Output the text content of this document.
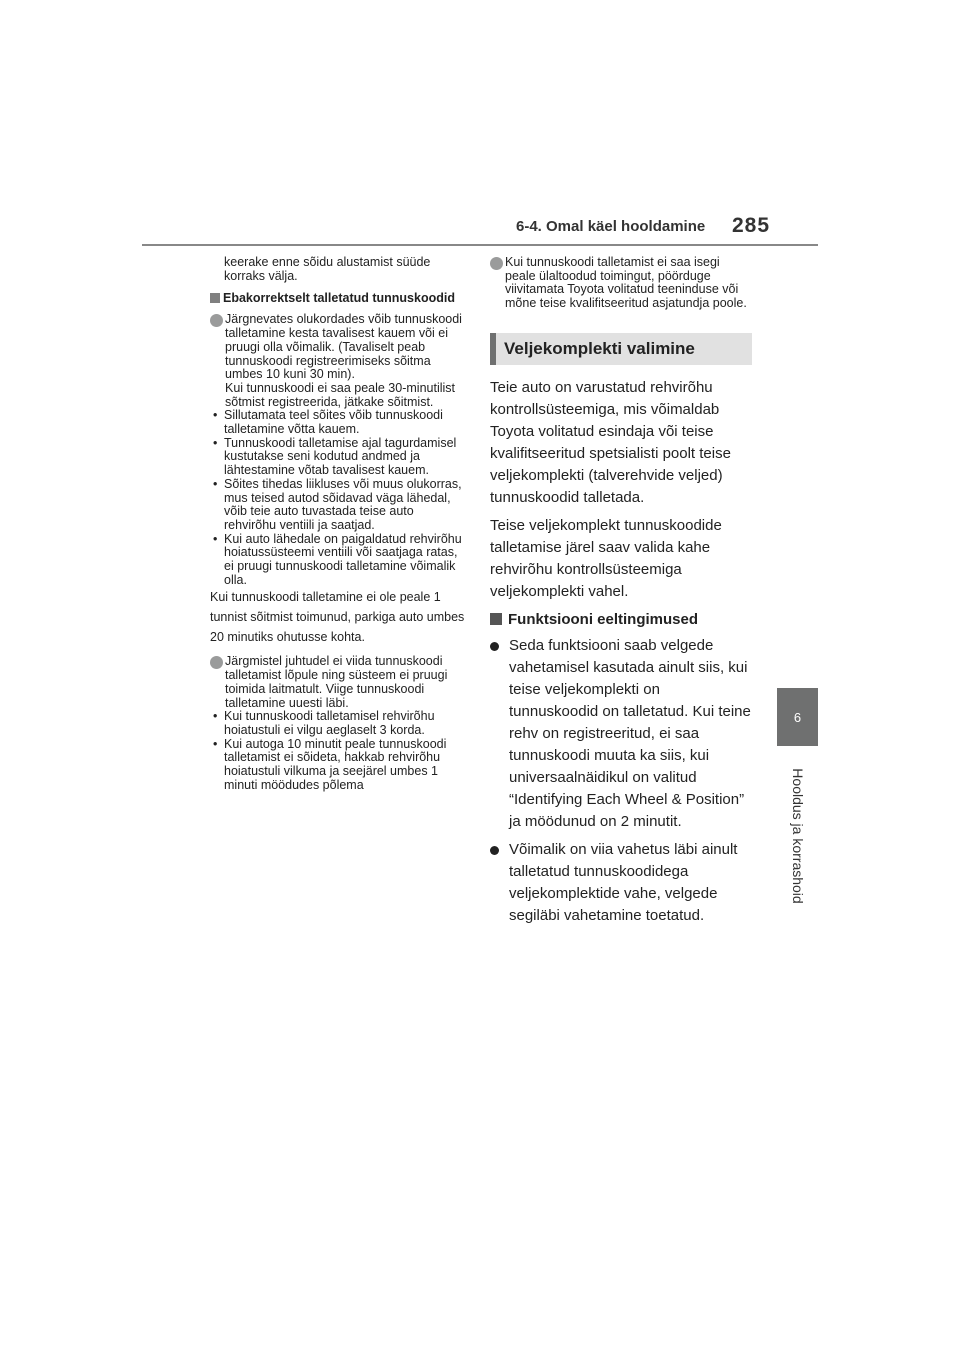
6-4. Omal käel hooldamine 285
6
Hooldus ja korrashoid
keerake enne sõidu alustamist süüde korraks välja.
Ebakorrektselt talletatud tunnuskoodid
Järgnevates olukordades võib tunnuskoodi talletamine kesta tavalisest kauem või ei pruugi olla võimalik. (Tavaliselt peab tunnuskoodi registreerimiseks sõitma umbes 10 kuni 30 min).
Kui tunnuskoodi ei saa peale 30-minutilist sõtmist registreerida, jätkake sõitmist.
• Sillutamata teel sõites võib tunnuskoodi talletamine võtta kauem.
• Tunnuskoodi talletamise ajal tagurdamisel kustutakse seni kodutud andmed ja lähtestamine võtab tavalisest kauem.
• Sõites tihedas liikluses või muus olukorras, mus teised autod sõidavad väga lähedal, võib teie auto tuvastada teise auto rehvirõhu ventiili ja saatjad.
• Kui auto lähedale on paigaldatud rehvirõhu hoiatussüsteemi ventiili või saatjaga ratas, ei pruugi tunnuskoodi talletamine võimalik olla.
Kui tunnuskoodi talletamine ei ole peale 1 tunnist sõitmist toimunud, parkiga auto umbes 20 minutiks ohutusse kohta.
Järgmistel juhtudel ei viida tunnuskoodi talletamist lõpule ning süsteem ei pruugi toimida laitmatult. Viige tunnuskoodi talletamine uuesti läbi.
• Kui tunnuskoodi talletamisel rehvirõhu hoiatustuli ei vilgu aeglaselt 3 korda.
• Kui autoga 10 minutit peale tunnuskoodi talletamist ei sõideta, hakkab rehvirõhu hoiatustuli vilkuma ja seejärel umbes 1 minuti möödudes põlema
Kui tunnuskoodi talletamist ei saa isegi peale ülaltoodud toimingut, pöörduge viivitamata Toyota volitatud teeninduse või mõne teise kvalifitseeritud asjatundja poole.
Veljekomplekti valimine
Teie auto on varustatud rehvirõhu kontrollsüsteemiga, mis võimaldab Toyota volitatud esindaja või teise kvalifitseeritud spetsialisti poolt teise veljekomplekti (talverehvide veljed) tunnuskoodid talletada.
Teise veljekomplekt tunnuskoodide talletamise järel saav valida kahe rehvirõhu kontrollsüsteemiga veljekomplekti vahel.
Funktsiooni eeltingimused
Seda funktsiooni saab velgede vahetamisel kasutada ainult siis, kui teise veljekomplekti on tunnuskoodid on talletatud. Kui teine rehv on registreeritud, ei saa tunnuskoodi muuta ka siis, kui universaalnäidikul on valitud “Identifying Each Wheel & Position” ja möödunud on 2 minutit.
Võimalik on viia vahetus läbi ainult talletatud tunnuskoodidega veljekomplektide vahe, velgede segiläbi vahetamine toetatud.
